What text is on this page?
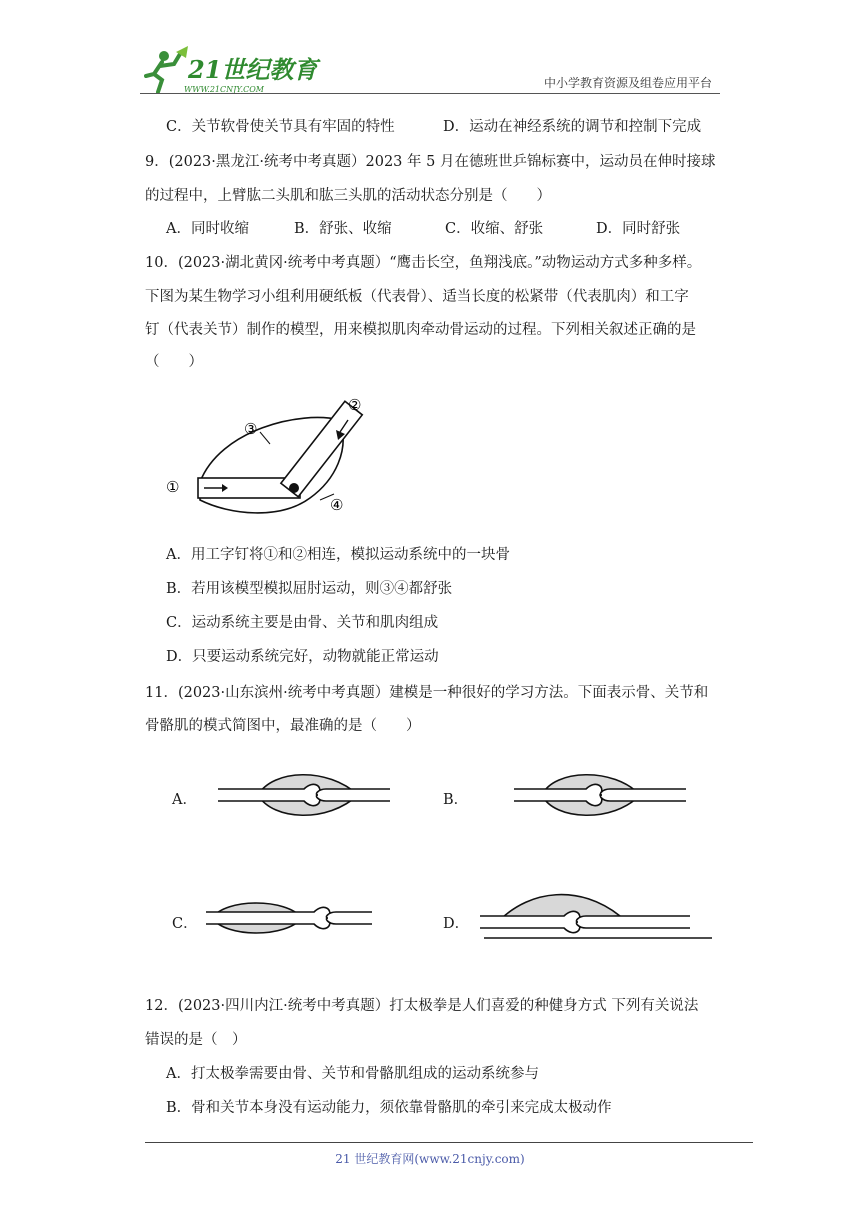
21世纪教育
WWW.21CNJY.COM	中小学教育资源及组卷应用平台
C．关节软骨使关节具有牢固的特性	D．运动在神经系统的调节和控制下完成
9．(2023·黑龙江·统考中考真题）2023 年 5 月在德班世乒锦标赛中，运动员在伸时接球
的过程中，上臂肱二头肌和肱三头肌的活动状态分别是（　　）
A．同时收缩	B．舒张、收缩	C．收缩、舒张	D．同时舒张
10．(2023·湖北黄冈·统考中考真题）“鹰击长空，鱼翔浅底。”动物运动方式多种多样。
下图为某生物学习小组利用硬纸板（代表骨）、适当长度的松紧带（代表肌肉）和工字
钉（代表关节）制作的模型，用来模拟肌肉牵动骨运动的过程。下列相关叙述正确的是
（　　）
①
②
③
④
A．用工字钉将①和②相连，模拟运动系统中的一块骨
B．若用该模型模拟屈肘运动，则③④都舒张
C．运动系统主要是由骨、关节和肌肉组成
D．只要运动系统完好，动物就能正常运动
11．(2023·山东滨州·统考中考真题）建模是一种很好的学习方法。下面表示骨、关节和
骨骼肌的模式简图中，最准确的是（　　）
A．	B．
C．	D．
12．(2023·四川内江·统考中考真题）打太极拳是人们喜爱的种健身方式 下列有关说法
错误的是（　）
A．打太极拳需要由骨、关节和骨骼肌组成的运动系统参与
B．骨和关节本身没有运动能力，须依靠骨骼肌的牵引来完成太极动作
21 世纪教育网(www.21cnjy.com)
